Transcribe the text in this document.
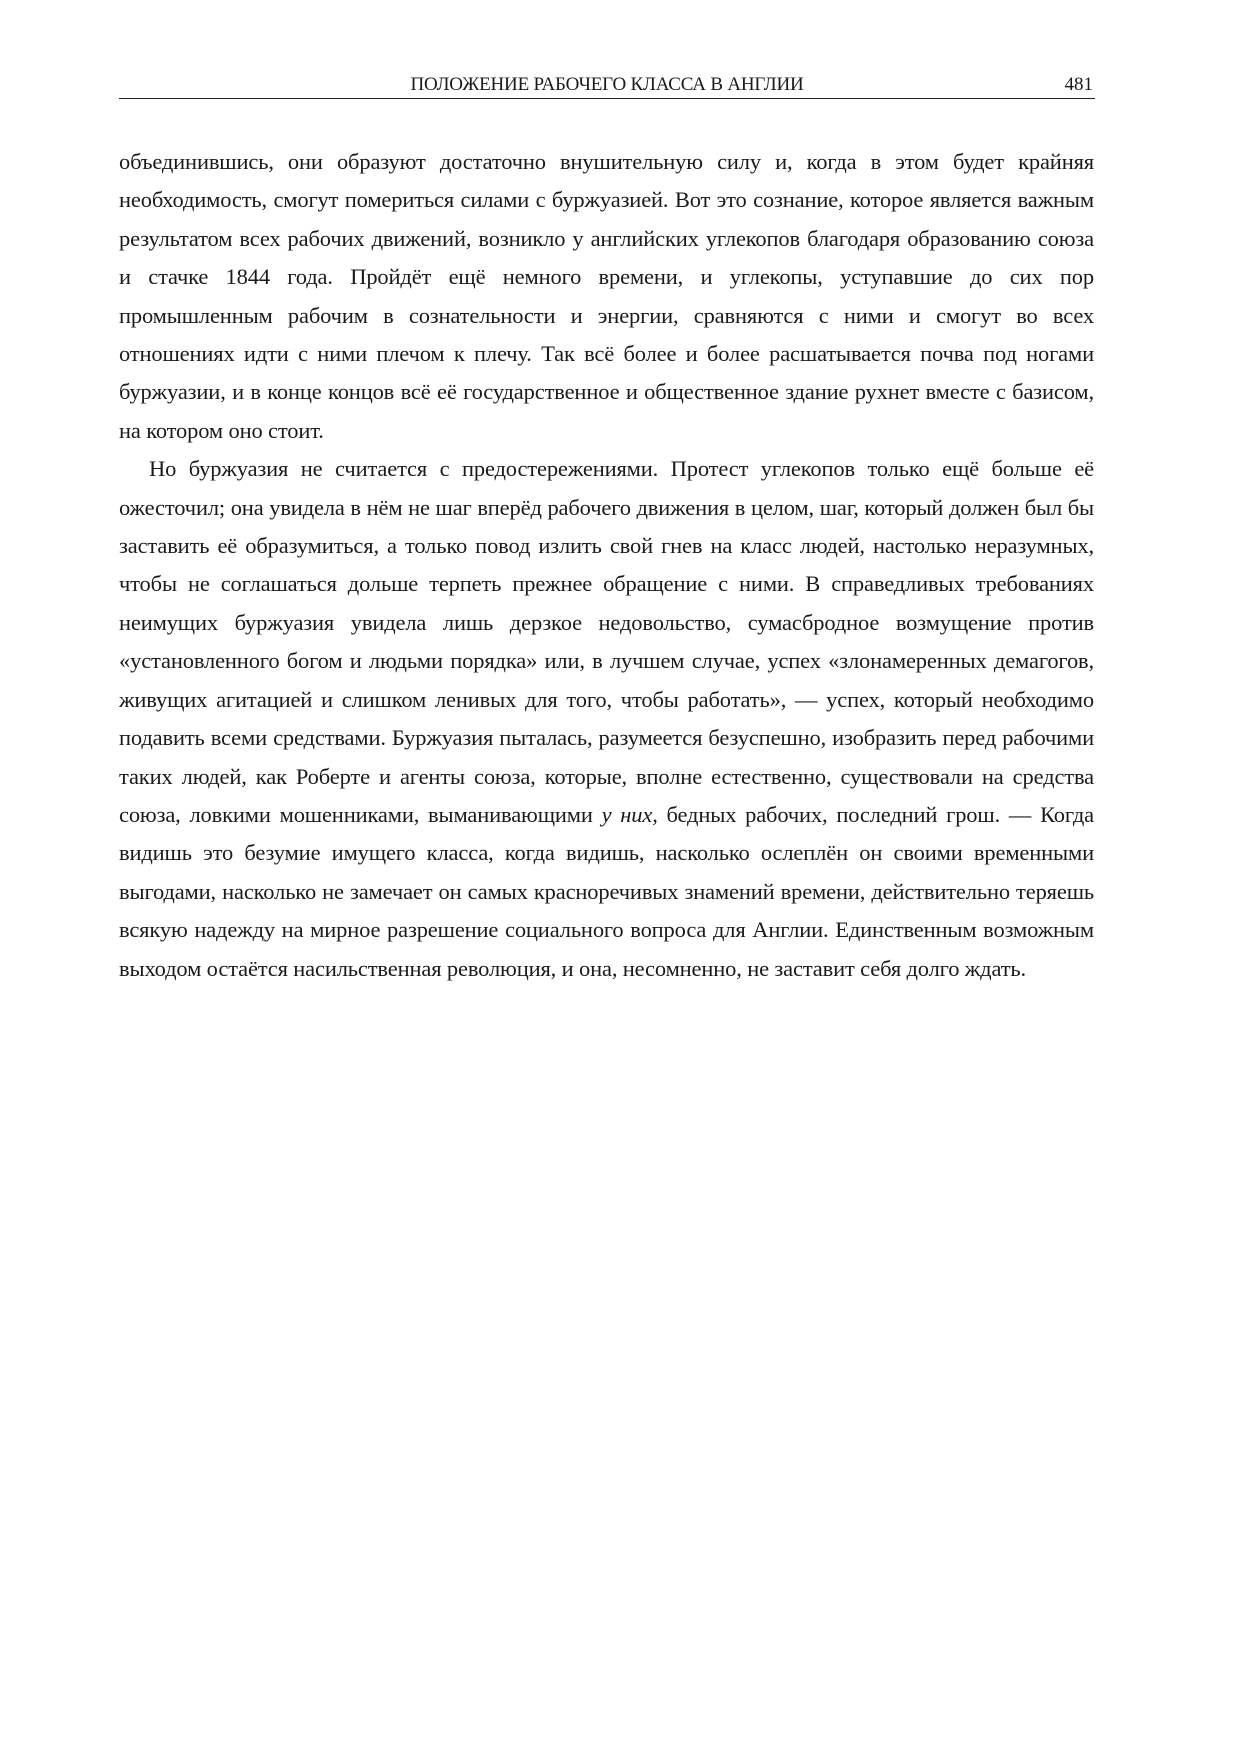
ПОЛОЖЕНИЕ РАБОЧЕГО КЛАССА В АНГЛИИ	481

объединившись, они образуют достаточно внушительную силу и, когда в этом будет крайняя необходимость, смогут помериться силами с буржуазией. Вот это сознание, которое является важным результатом всех рабочих движений, возникло у английских углекопов благодаря образованию союза и стачке 1844 года. Пройдёт ещё немного времени, и углекопы, уступавшие до сих пор промышленным рабочим в сознательности и энергии, сравняются с ними и смогут во всех отношениях идти с ними плечом к плечу. Так всё более и более расшатывается почва под ногами буржуазии, и в конце концов всё её государственное и общественное здание рухнет вместе с базисом, на котором оно стоит.

Но буржуазия не считается с предостережениями. Протест углекопов только ещё больше её ожесточил; она увидела в нём не шаг вперёд рабочего движения в целом, шаг, который должен был бы заставить её образумиться, а только повод излить свой гнев на класс людей, настолько неразумных, чтобы не соглашаться дольше терпеть прежнее обращение с ними. В справедливых требованиях неимущих буржуазия увидела лишь дерзкое недовольство, сумасбродное возмущение против «установленного богом и людьми порядка» или, в лучшем случае, успех «злонамеренных демагогов, живущих агитацией и слишком ленивых для того, чтобы работать», — успех, который необходимо подавить всеми средствами. Буржуазия пыталась, разумеется безуспешно, изобразить перед рабочими таких людей, как Роберте и агенты союза, которые, вполне естественно, существовали на средства союза, ловкими мошенниками, выманивающими у них, бедных рабочих, последний грош. — Когда видишь это безумие имущего класса, когда видишь, насколько ослеплён он своими временными выгодами, насколько не замечает он самых красноречивых знамений времени, действительно теряешь всякую надежду на мирное разрешение социального вопроса для Англии. Единственным возможным выходом остаётся насильственная революция, и она, несомненно, не заставит себя долго ждать.
